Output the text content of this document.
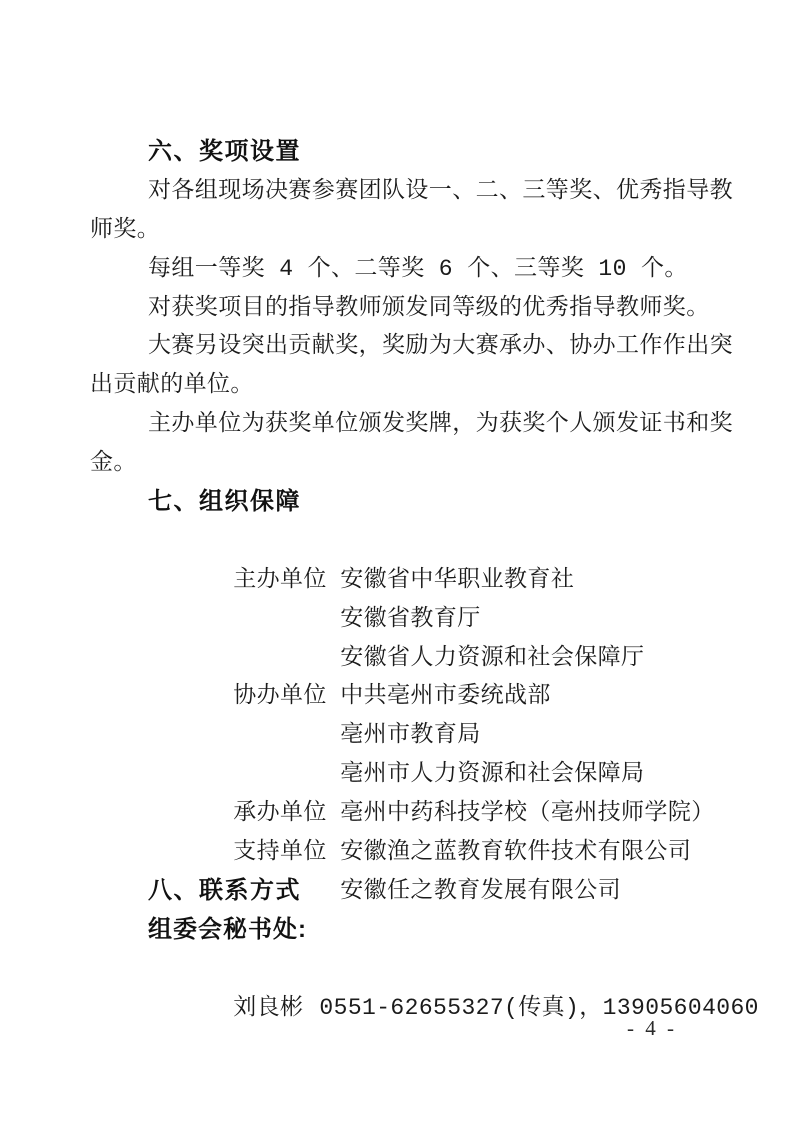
六、奖项设置

对各组现场决赛参赛团队设一、二、三等奖、优秀指导教

师奖。

每组一等奖 4 个、二等奖 6 个、三等奖 10 个。

对获奖项目的指导教师颁发同等级的优秀指导教师奖。

大赛另设突出贡献奖，奖励为大赛承办、协办工作作出突

出贡献的单位。

主办单位为获奖单位颁发奖牌，为获奖个人颁发证书和奖

金。

七、组织保障

主办单位 安徽省中华职业教育社

安徽省教育厅

安徽省人力资源和社会保障厅

协办单位 中共亳州市委统战部

亳州市教育局

亳州市人力资源和社会保障局

承办单位 亳州中药科技学校（亳州技师学院）

支持单位 安徽渔之蓝教育软件技术有限公司

安徽任之教育发展有限公司

八、联系方式

组委会秘书处:

刘良彬 0551-62655327(传真)，13905604060

- 4 -
